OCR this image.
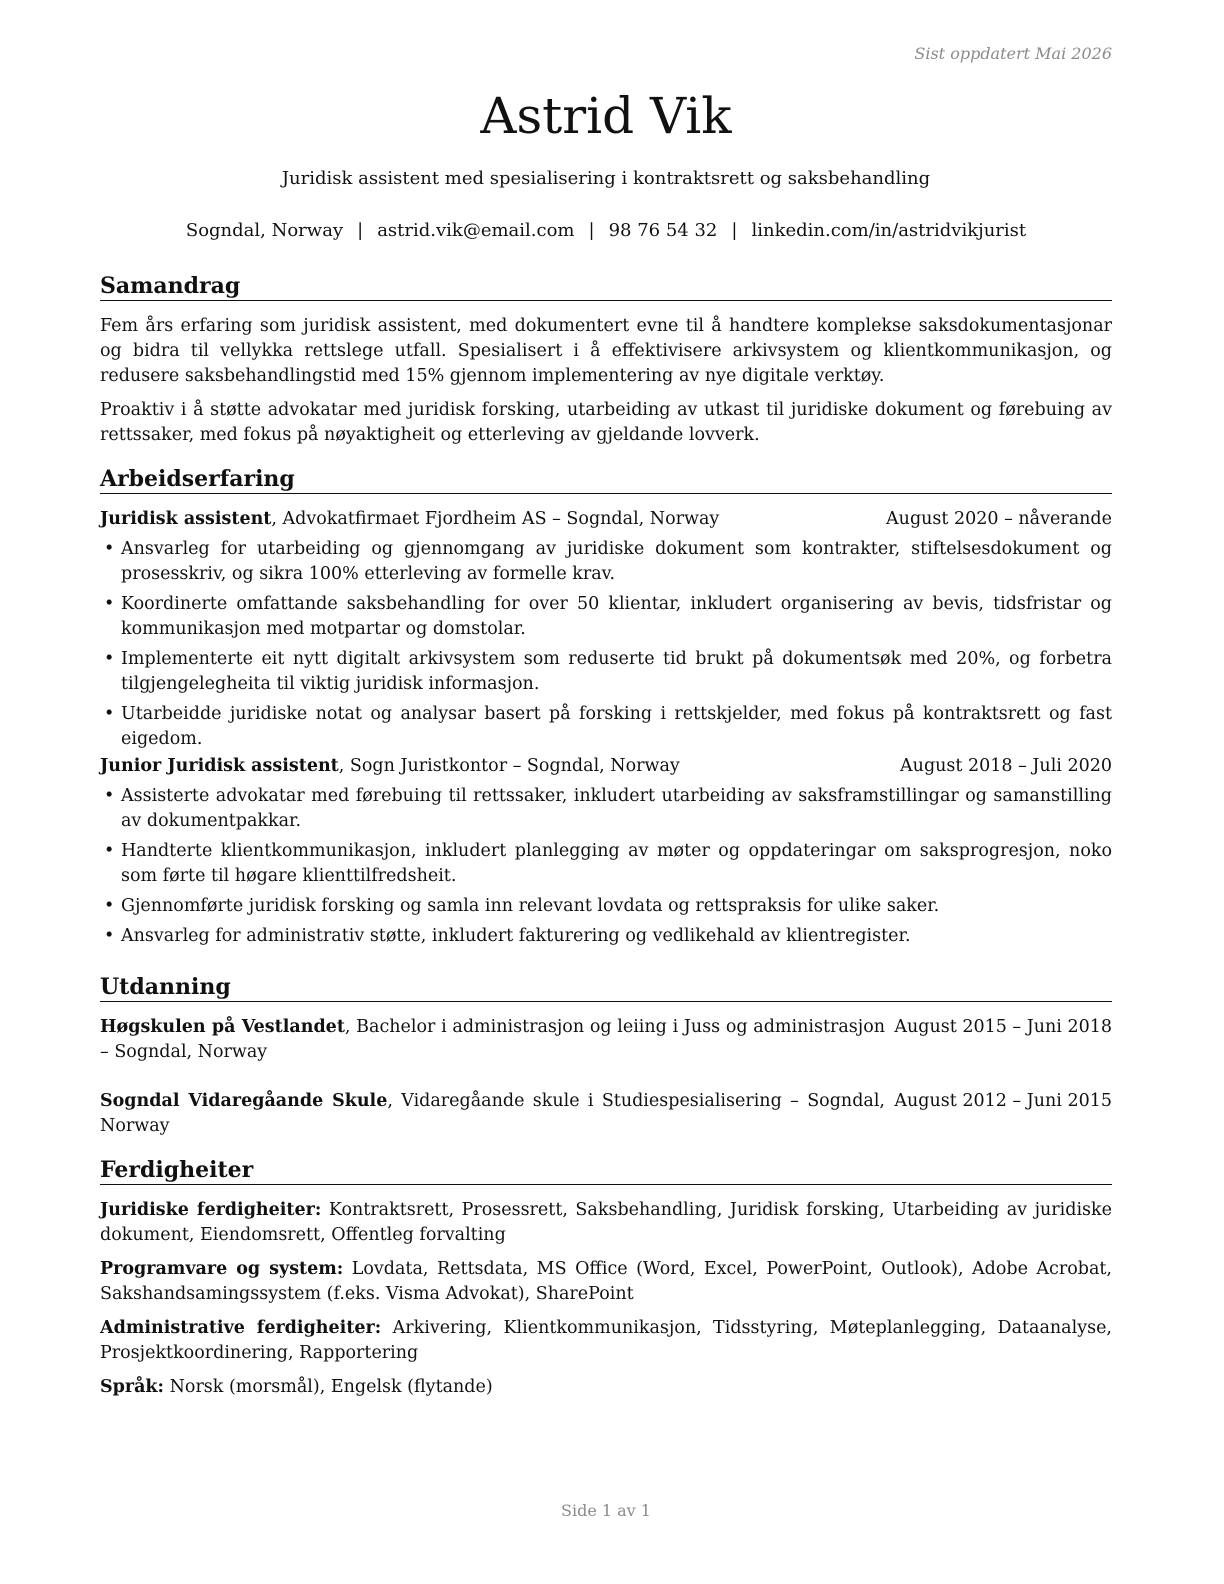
Sist oppdatert Mai 2026
Astrid Vik
Juridisk assistent med spesialisering i kontraktsrett og saksbehandling
Sogndal, Norway | astrid.vik@email.com | 98 76 54 32 | linkedin.com/in/astridvikjurist
Samandrag
Fem års erfaring som juridisk assistent, med dokumentert evne til å handtere komplekse saksdokumentasjonar og bidra til vellykka rettslege utfall. Spesialisert i å effektivisere arkivsystem og klientkommunikasjon, og redusere saksbehandlingstid med 15% gjennom implementering av nye digitale verktøy.
Proaktiv i å støtte advokatar med juridisk forsking, utarbeiding av utkast til juridiske dokument og førebuing av rettssaker, med fokus på nøyaktigheit og etterleving av gjeldande lovverk.
Arbeidserfaring
Juridisk assistent, Advokatfirmaet Fjordheim AS – Sogndal, Norway	August 2020 – nåverande
• Ansvarleg for utarbeiding og gjennomgang av juridiske dokument som kontrakter, stiftelsesdokument og prosesskriv, og sikra 100% etterleving av formelle krav.
• Koordinerte omfattande saksbehandling for over 50 klientar, inkludert organisering av bevis, tidsfristar og kommunikasjon med motpartar og domstolar.
• Implementerte eit nytt digitalt arkivsystem som reduserte tid brukt på dokumentsøk med 20%, og forbetra tilgjengelegheita til viktig juridisk informasjon.
• Utarbeidde juridiske notat og analysar basert på forsking i rettskjelder, med fokus på kontraktsrett og fast eigedom.
Junior Juridisk assistent, Sogn Juristkontor – Sogndal, Norway	August 2018 – Juli 2020
• Assisterte advokatar med førebuing til rettssaker, inkludert utarbeiding av saksframstillingar og samanstilling av dokumentpakkar.
• Handterte klientkommunikasjon, inkludert planlegging av møter og oppdateringar om saksprogresjon, noko som førte til høgare klienttilfredsheit.
• Gjennomførte juridisk forsking og samla inn relevant lovdata og rettspraksis for ulike saker.
• Ansvarleg for administrativ støtte, inkludert fakturering og vedlikehald av klientregister.
Utdanning
Høgskulen på Vestlandet, Bachelor i administrasjon og leiing i Juss og administrasjon – Sogndal, Norway
August 2015 – Juni 2018
Sogndal Vidaregåande Skule, Vidaregåande skule i Studiespesialisering – Sogndal, Norway
August 2012 – Juni 2015
Ferdigheiter
Juridiske ferdigheiter: Kontraktsrett, Prosessrett, Saksbehandling, Juridisk forsking, Utarbeiding av juridiske dokument, Eiendomsrett, Offentleg forvalting
Programvare og system: Lovdata, Rettsdata, MS Office (Word, Excel, PowerPoint, Outlook), Adobe Acrobat, Sakshandsamingssystem (f.eks. Visma Advokat), SharePoint
Administrative ferdigheiter: Arkivering, Klientkommunikasjon, Tidsstyring, Møteplanlegging, Dataanalyse, Prosjektkoordinering, Rapportering
Språk: Norsk (morsmål), Engelsk (flytande)
Side 1 av 1
